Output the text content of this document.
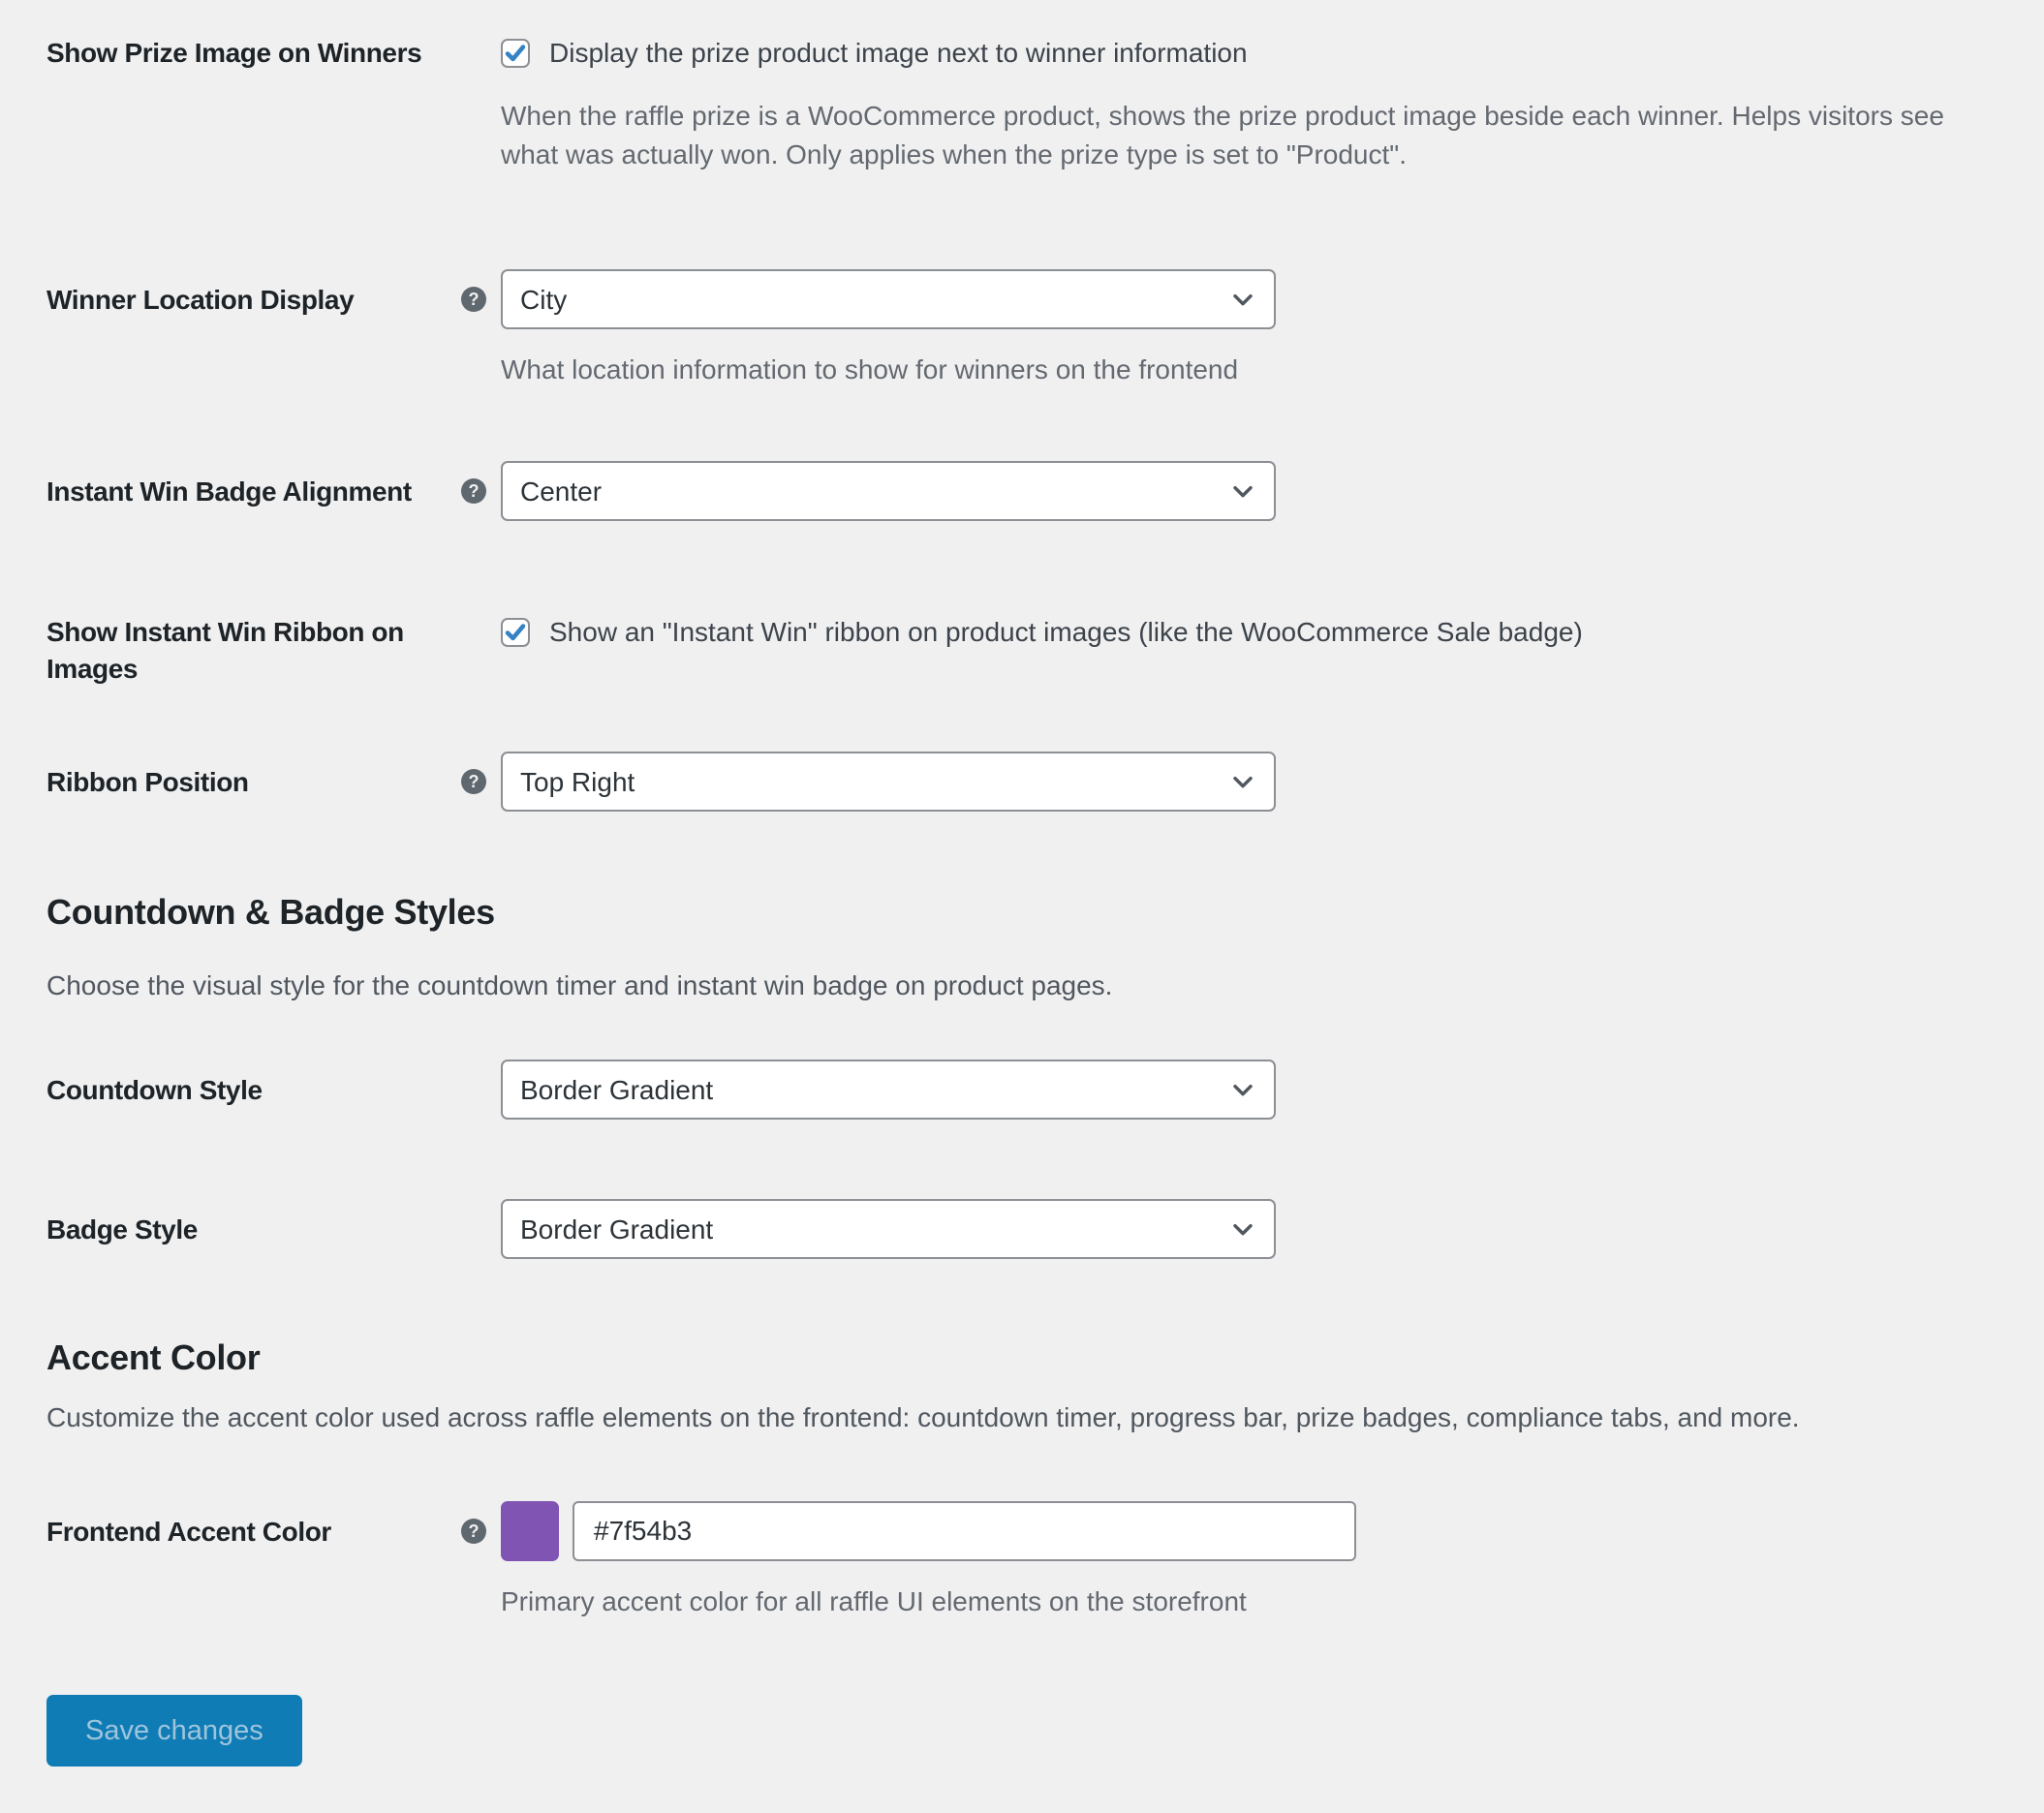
Show Prize Image on Winners	Display the prize product image next to winner information
When the raffle prize is a WooCommerce product, shows the prize product image beside each winner. Helps visitors see what was actually won. Only applies when the prize type is set to "Product".
Winner Location Display
?
City
What location information to show for winners on the frontend
Instant Win Badge Alignment
?
Center
Show Instant Win Ribbon on Images
Show an "Instant Win" ribbon on product images (like the WooCommerce Sale badge)
Ribbon Position
?
Top Right
Countdown & Badge Styles

Choose the visual style for the countdown timer and instant win badge on product pages.

Countdown Style
Border Gradient
Badge Style
Border Gradient
Accent Color

Customize the accent color used across raffle elements on the frontend: countdown timer, progress bar, prize badges, compliance tabs, and more.

Frontend Accent Color
?
#7f54b3
Primary accent color for all raffle UI elements on the storefront
Save changes
